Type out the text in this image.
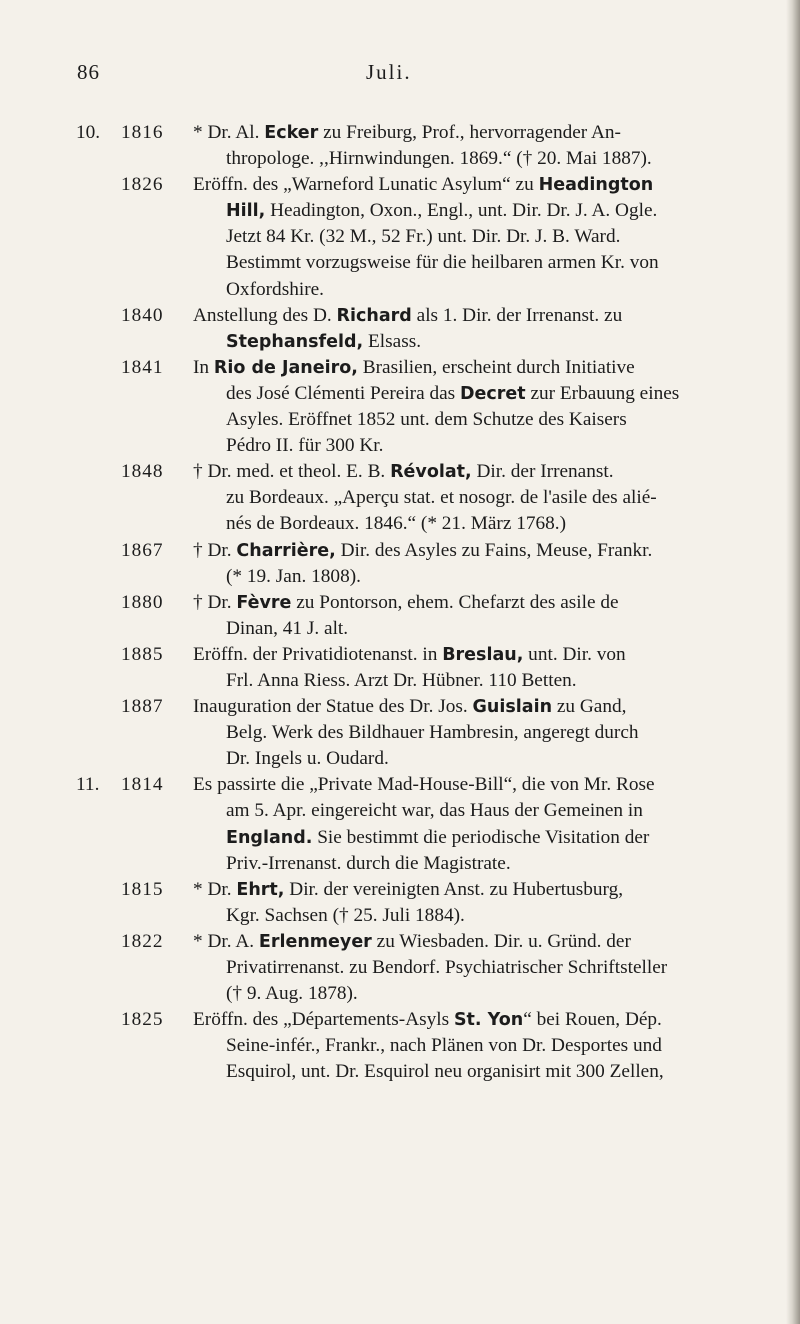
86	Juli.
10. 1816 * Dr. Al. Ecker zu Freiburg, Prof., hervorragender An-
thropologe. ,,Hirnwindungen. 1869.“ († 20. Mai 1887).
1826 Eröffn. des „Warneford Lunatic Asylum“ zu Headington
Hill, Headington, Oxon., Engl., unt. Dir. Dr. J. A. Ogle.
Jetzt 84 Kr. (32 M., 52 Fr.) unt. Dir. Dr. J. B. Ward.
Bestimmt vorzugsweise für die heilbaren armen Kr. von
Oxfordshire.
1840 Anstellung des D. Richard als 1. Dir. der Irrenanst. zu
Stephansfeld, Elsass.
1841 In Rio de Janeiro, Brasilien, erscheint durch Initiative
des José Clémenti Pereira das Decret zur Erbauung eines
Asyles. Eröffnet 1852 unt. dem Schutze des Kaisers
Pédro II. für 300 Kr.
1848 † Dr. med. et theol. E. B. Révolat, Dir. der Irrenanst.
zu Bordeaux. „Aperçu stat. et nosogr. de l'asile des alié-
nés de Bordeaux. 1846.“ (* 21. März 1768.)
1867 † Dr. Charrière, Dir. des Asyles zu Fains, Meuse, Frankr.
(* 19. Jan. 1808).
1880 † Dr. Fèvre zu Pontorson, ehem. Chefarzt des asile de
Dinan, 41 J. alt.
1885 Eröffn. der Privatidiotenanst. in Breslau, unt. Dir. von
Frl. Anna Riess. Arzt Dr. Hübner. 110 Betten.
1887 Inauguration der Statue des Dr. Jos. Guislain zu Gand,
Belg. Werk des Bildhauer Hambresin, angeregt durch
Dr. Ingels u. Oudard.
11. 1814 Es passirte die „Private Mad-House-Bill“, die von Mr. Rose
am 5. Apr. eingereicht war, das Haus der Gemeinen in
England. Sie bestimmt die periodische Visitation der
Priv.-Irrenanst. durch die Magistrate.
1815 * Dr. Ehrt, Dir. der vereinigten Anst. zu Hubertusburg,
Kgr. Sachsen († 25. Juli 1884).
1822 * Dr. A. Erlenmeyer zu Wiesbaden. Dir. u. Gründ. der
Privatirrenanst. zu Bendorf. Psychiatrischer Schriftsteller
(† 9. Aug. 1878).
1825 Eröffn. des „Départements-Asyls St. Yon“ bei Rouen, Dép.
Seine-infér., Frankr., nach Plänen von Dr. Desportes und
Esquirol, unt. Dr. Esquirol neu organisirt mit 300 Zellen,
